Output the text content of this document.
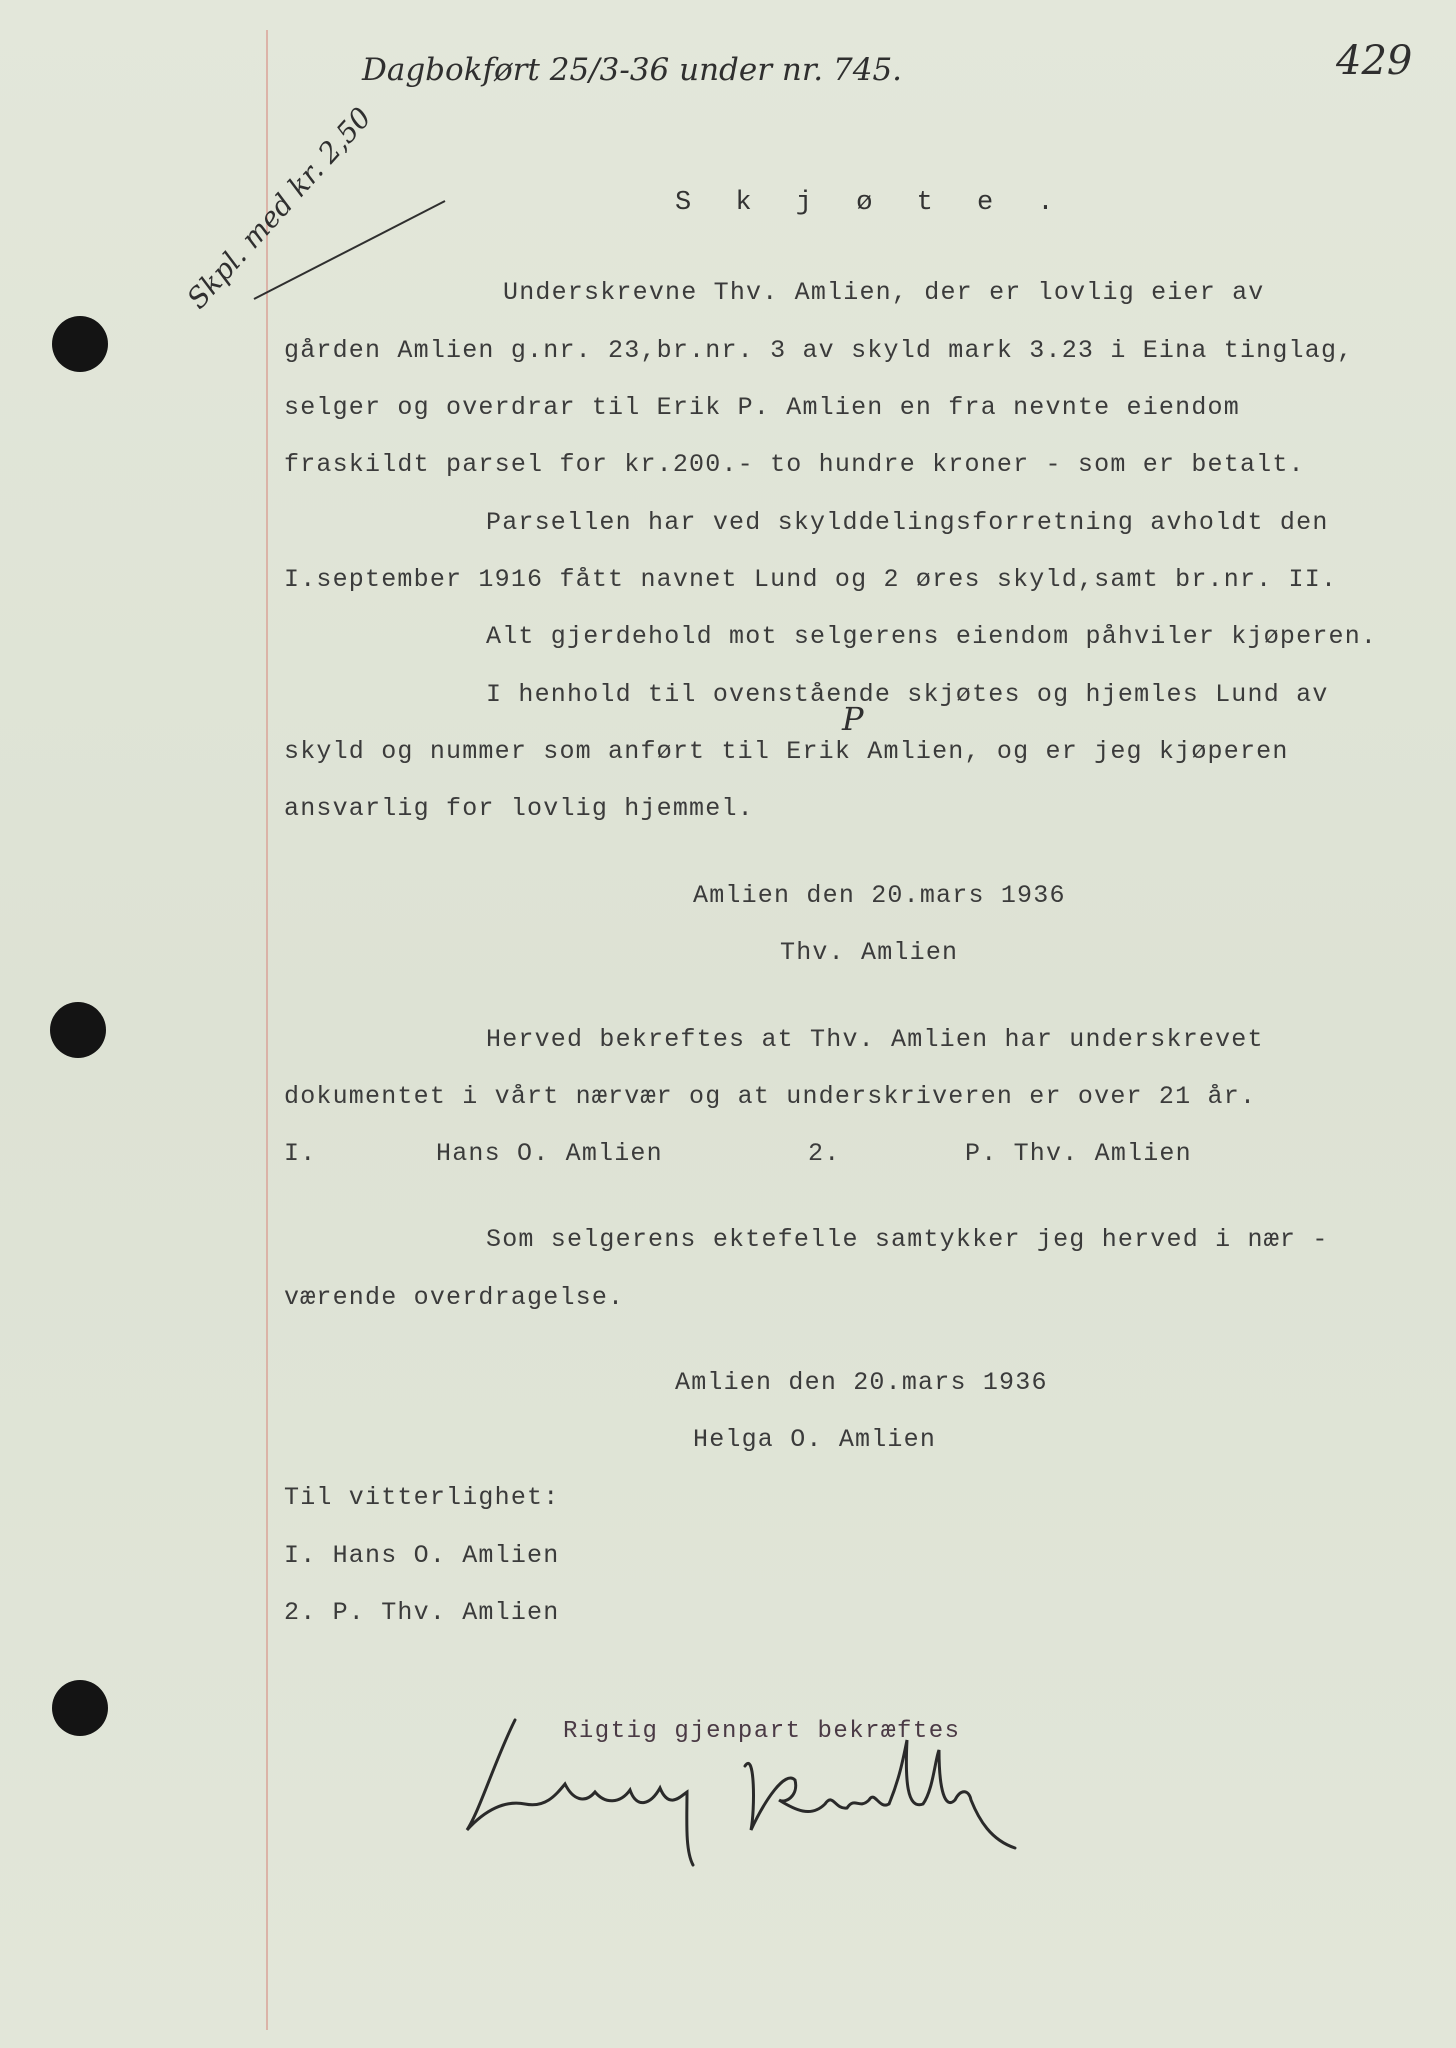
Dagbokført 25/3-36 under nr. 745.	429
Skpl. med kr. 2,50	S k j ø t e .
Underskrevne Thv. Amlien, der er lovlig eier av
gården Amlien g.nr. 23,br.nr. 3 av skyld mark 3.23 i Eina tinglag,
selger og overdrar til Erik P. Amlien en fra nevnte eiendom
fraskildt parsel for kr.200.- to hundre kroner - som er betalt.
Parsellen har ved skylddelingsforretning avholdt den
I.september 1916 fått navnet Lund og 2 øres skyld,samt br.nr. II.
Alt gjerdehold mot selgerens eiendom påhviler kjøperen.
I henhold til ovenstående skjøtes og hjemles Lund av
P
skyld og nummer som anført til Erik Amlien, og er jeg kjøperen
ansvarlig for lovlig hjemmel.
Amlien den 20.mars 1936
Thv. Amlien
Herved bekreftes at Thv. Amlien har underskrevet
dokumentet i vårt nærvær og at underskriveren er over 21 år.
I.	Hans O. Amlien	2.	P. Thv. Amlien
Som selgerens ektefelle samtykker jeg herved i nær -
værende overdragelse.
Amlien den 20.mars 1936
Helga O. Amlien
Til vitterlighet:
I. Hans O. Amlien
2. P. Thv. Amlien
Rigtig gjenpart bekræftes
